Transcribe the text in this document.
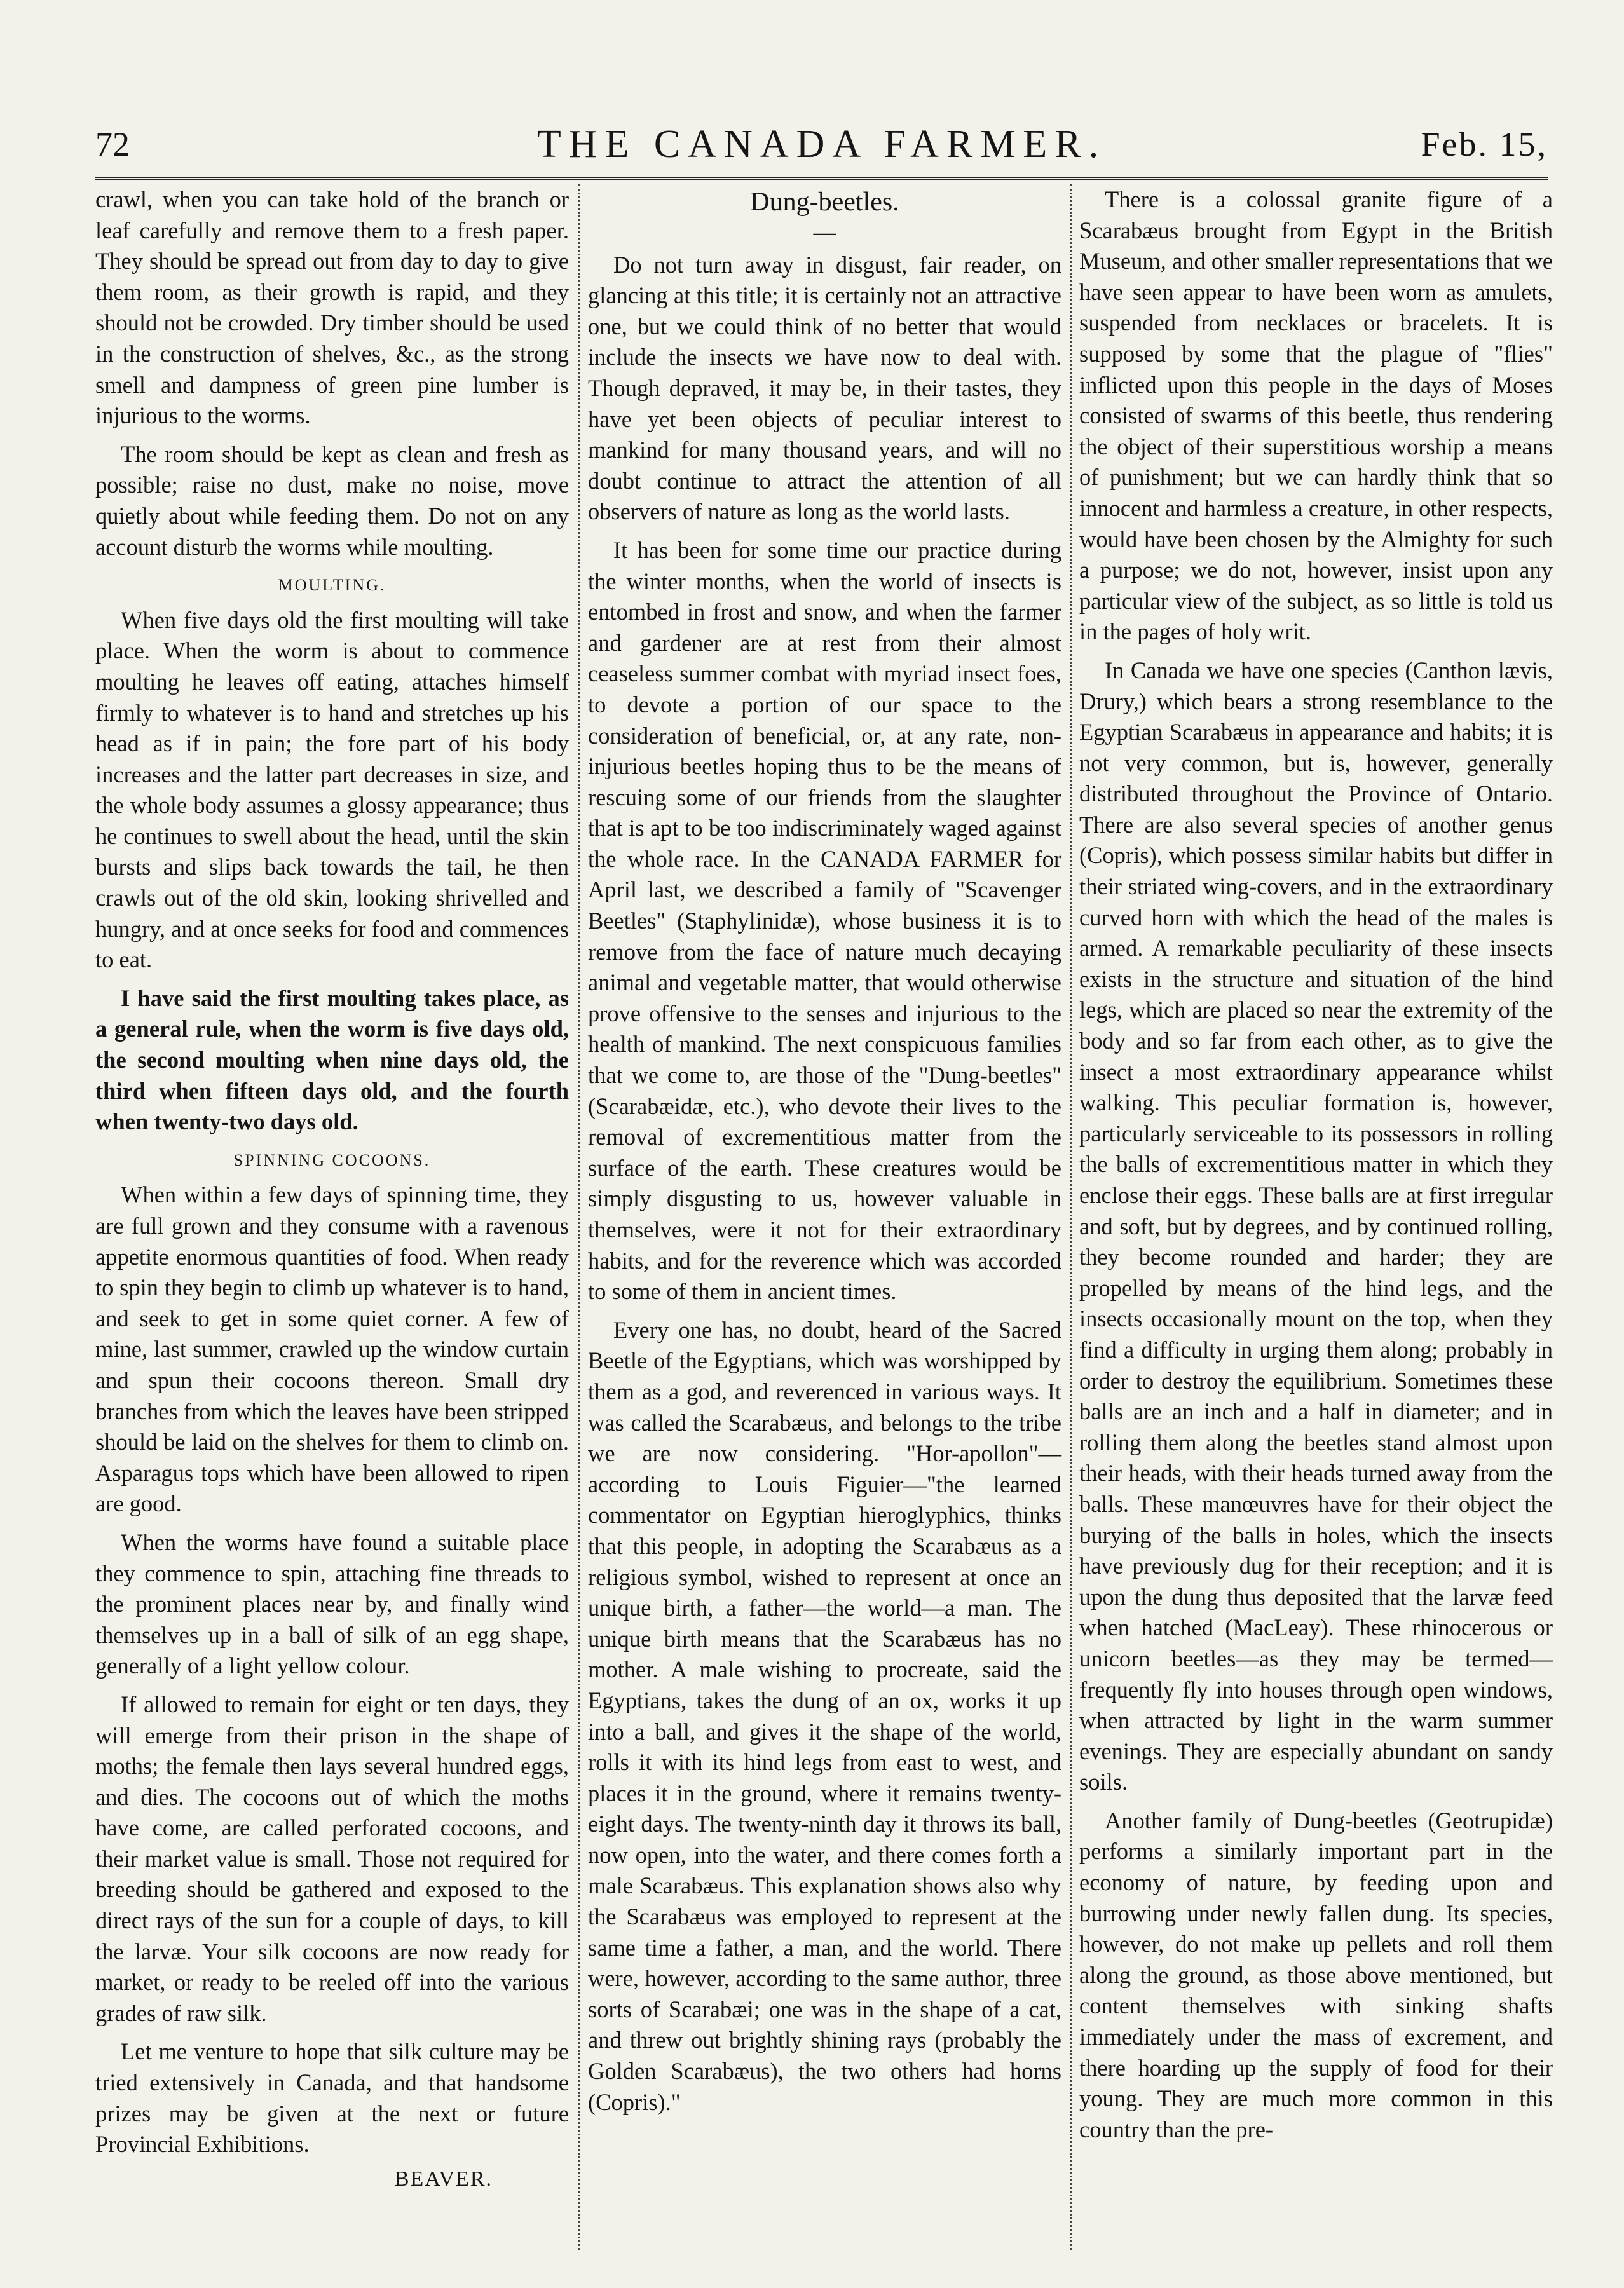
72	THE CANADA FARMER.	Feb. 15,

crawl, when you can take hold of the branch or leaf carefully and remove them to a fresh paper. They should be spread out from day to day to give them room, as their growth is rapid, and they should not be crowded. Dry timber should be used in the construction of shelves, &c., as the strong smell and dampness of green pine lumber is injurious to the worms.

The room should be kept as clean and fresh as possible; raise no dust, make no noise, move quietly about while feeding them. Do not on any account disturb the worms while moulting.

MOULTING.

When five days old the first moulting will take place. When the worm is about to commence moulting he leaves off eating, attaches himself firmly to whatever is to hand and stretches up his head as if in pain; the fore part of his body increases and the latter part decreases in size, and the whole body assumes a glossy appearance; thus he continues to swell about the head, until the skin bursts and slips back towards the tail, he then crawls out of the old skin, looking shrivelled and hungry, and at once seeks for food and commences to eat.

I have said the first moulting takes place, as a general rule, when the worm is five days old, the second moulting when nine days old, the third when fifteen days old, and the fourth when twenty-two days old.

SPINNING COCOONS.

When within a few days of spinning time, they are full grown and they consume with a ravenous appetite enormous quantities of food. When ready to spin they begin to climb up whatever is to hand, and seek to get in some quiet corner. A few of mine, last summer, crawled up the window curtain and spun their cocoons thereon. Small dry branches from which the leaves have been stripped should be laid on the shelves for them to climb on. Asparagus tops which have been allowed to ripen are good.

When the worms have found a suitable place they commence to spin, attaching fine threads to the prominent places near by, and finally wind themselves up in a ball of silk of an egg shape, generally of a light yellow colour.

If allowed to remain for eight or ten days, they will emerge from their prison in the shape of moths; the female then lays several hundred eggs, and dies. The cocoons out of which the moths have come, are called perforated cocoons, and their market value is small. Those not required for breeding should be gathered and exposed to the direct rays of the sun for a couple of days, to kill the larvæ. Your silk cocoons are now ready for market, or ready to be reeled off into the various grades of raw silk.

Let me venture to hope that silk culture may be tried extensively in Canada, and that handsome prizes may be given at the next or future Provincial Exhibitions.

BEAVER.
Dung-beetles.
—

Do not turn away in disgust, fair reader, on glancing at this title; it is certainly not an attractive one, but we could think of no better that would include the insects we have now to deal with. Though depraved, it may be, in their tastes, they have yet been objects of peculiar interest to mankind for many thousand years, and will no doubt continue to attract the attention of all observers of nature as long as the world lasts.

It has been for some time our practice during the winter months, when the world of insects is entombed in frost and snow, and when the farmer and gardener are at rest from their almost ceaseless summer combat with myriad insect foes, to devote a portion of our space to the consideration of beneficial, or, at any rate, non-injurious beetles hoping thus to be the means of rescuing some of our friends from the slaughter that is apt to be too indiscriminately waged against the whole race. In the CANADA FARMER for April last, we described a family of "Scavenger Beetles" (Staphylinidæ), whose business it is to remove from the face of nature much decaying animal and vegetable matter, that would otherwise prove offensive to the senses and injurious to the health of mankind. The next conspicuous families that we come to, are those of the "Dung-beetles" (Scarabæidæ, etc.), who devote their lives to the removal of excrementitious matter from the surface of the earth. These creatures would be simply disgusting to us, however valuable in themselves, were it not for their extraordinary habits, and for the reverence which was accorded to some of them in ancient times.

Every one has, no doubt, heard of the Sacred Beetle of the Egyptians, which was worshipped by them as a god, and reverenced in various ways. It was called the Scarabæus, and belongs to the tribe we are now considering. "Hor-apollon"—according to Louis Figuier—"the learned commentator on Egyptian hieroglyphics, thinks that this people, in adopting the Scarabæus as a religious symbol, wished to represent at once an unique birth, a father—the world—a man. The unique birth means that the Scarabæus has no mother. A male wishing to procreate, said the Egyptians, takes the dung of an ox, works it up into a ball, and gives it the shape of the world, rolls it with its hind legs from east to west, and places it in the ground, where it remains twenty-eight days. The twenty-ninth day it throws its ball, now open, into the water, and there comes forth a male Scarabæus. This explanation shows also why the Scarabæus was employed to represent at the same time a father, a man, and the world. There were, however, according to the same author, three sorts of Scarabæi; one was in the shape of a cat, and threw out brightly shining rays (probably the Golden Scarabæus), the two others had horns (Copris)."

There is a colossal granite figure of a Scarabæus brought from Egypt in the British Museum, and other smaller representations that we have seen appear to have been worn as amulets, suspended from necklaces or bracelets. It is supposed by some that the plague of "flies" inflicted upon this people in the days of Moses consisted of swarms of this beetle, thus rendering the object of their superstitious worship a means of punishment; but we can hardly think that so innocent and harmless a creature, in other respects, would have been chosen by the Almighty for such a purpose; we do not, however, insist upon any particular view of the subject, as so little is told us in the pages of holy writ.

In Canada we have one species (Canthon lævis, Drury,) which bears a strong resemblance to the Egyptian Scarabæus in appearance and habits; it is not very common, but is, however, generally distributed throughout the Province of Ontario. There are also several species of another genus (Copris), which possess similar habits but differ in their striated wing-covers, and in the extraordinary curved horn with which the head of the males is armed. A remarkable peculiarity of these insects exists in the structure and situation of the hind legs, which are placed so near the extremity of the body and so far from each other, as to give the insect a most extraordinary appearance whilst walking. This peculiar formation is, however, particularly serviceable to its possessors in rolling the balls of excrementitious matter in which they enclose their eggs. These balls are at first irregular and soft, but by degrees, and by continued rolling, they become rounded and harder; they are propelled by means of the hind legs, and the insects occasionally mount on the top, when they find a difficulty in urging them along; probably in order to destroy the equilibrium. Sometimes these balls are an inch and a half in diameter; and in rolling them along the beetles stand almost upon their heads, with their heads turned away from the balls. These manœuvres have for their object the burying of the balls in holes, which the insects have previously dug for their reception; and it is upon the dung thus deposited that the larvæ feed when hatched (MacLeay). These rhinocerous or unicorn beetles—as they may be termed—frequently fly into houses through open windows, when attracted by light in the warm summer evenings. They are especially abundant on sandy soils.

Another family of Dung-beetles (Geotrupidæ) performs a similarly important part in the economy of nature, by feeding upon and burrowing under newly fallen dung. Its species, however, do not make up pellets and roll them along the ground, as those above mentioned, but content themselves with sinking shafts immediately under the mass of excrement, and there hoarding up the supply of food for their young. They are much more common in this country than the pre-
